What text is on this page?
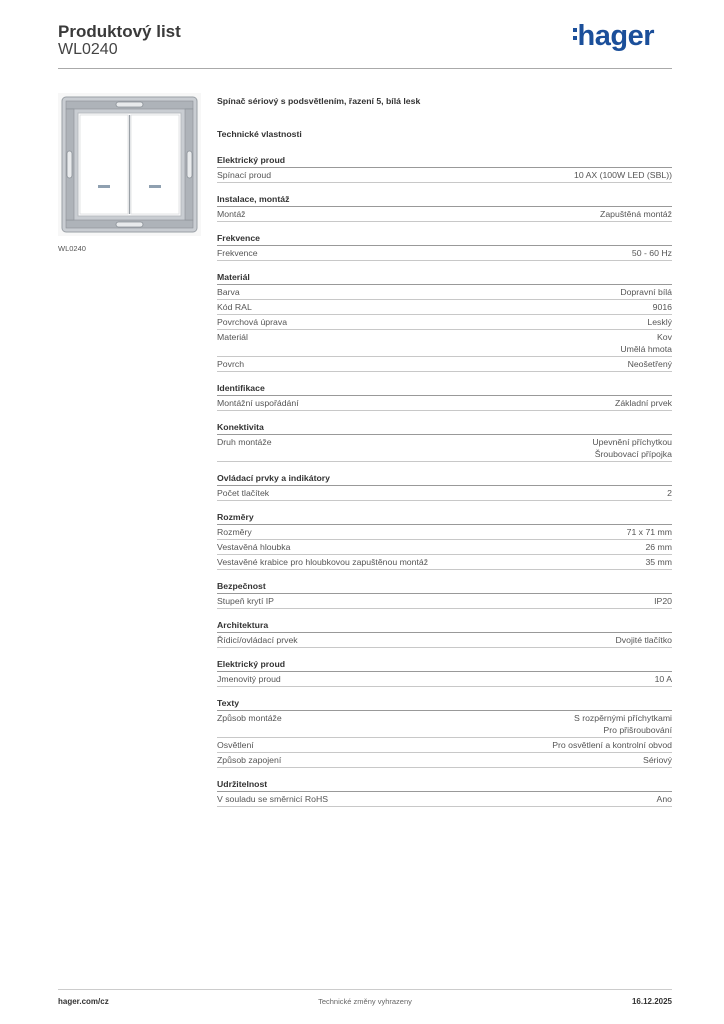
Produktový list
WL0240	hager
WL0240
Spínač sériový s podsvětlením, řazení 5, bílá lesk
Technické vlastnosti
Elektrický proud
Spínací proud	10 AX (100W LED (SBL))
Instalace, montáž
Montáž	Zapuštěná montáž
Frekvence
Frekvence	50 - 60 Hz
Materiál
Barva	Dopravní bílá
Kód RAL	9016
Povrchová úprava	Lesklý
Materiál	Kov
Umělá hmota
Povrch	Neošetřený
Identifikace
Montážní uspořádání	Základní prvek
Konektivita
Druh montáže	Upevnění příchytkou
Šroubovací přípojka
Ovládací prvky a indikátory
Počet tlačítek	2
Rozměry
Rozměry	71 x 71 mm
Vestavěná hloubka	26 mm
Vestavěné krabice pro hloubkovou zapuštěnou montáž	35 mm
Bezpečnost
Stupeň krytí IP	IP20
Architektura
Řídicí/ovládací prvek	Dvojité tlačítko
Elektrický proud
Jmenovitý proud	10 A
Texty
Způsob montáže	S rozpěrnými příchytkami
Pro přišroubování
Osvětlení	Pro osvětlení a kontrolní obvod
Způsob zapojení	Sériový
Udržitelnost
V souladu se směrnicí RoHS	Ano
hager.com/cz	Technické změny vyhrazeny	16.12.2025
